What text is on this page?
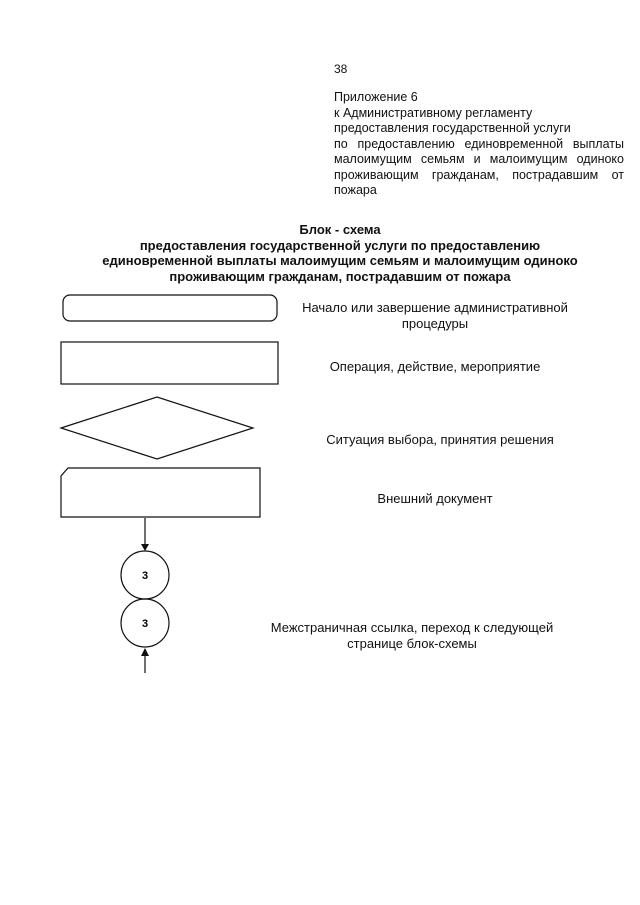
38
Приложение 6
к Административному регламенту
предоставления государственной услуги
по предоставлению единовременной выплаты
малоимущим семьям и малоимущим одиноко
проживающим гражданам, пострадавшим от
пожара
Блок - схема
предоставления государственной услуги по предоставлению
единовременной выплаты малоимущим семьям и малоимущим одиноко
проживающим гражданам, пострадавшим от пожара
3
3
Начало или завершение административной
процедуры
Операция, действие, мероприятие
Ситуация выбора, принятия решения
Внешний документ
Межстраничная ссылка, переход к следующей
странице блок-схемы
